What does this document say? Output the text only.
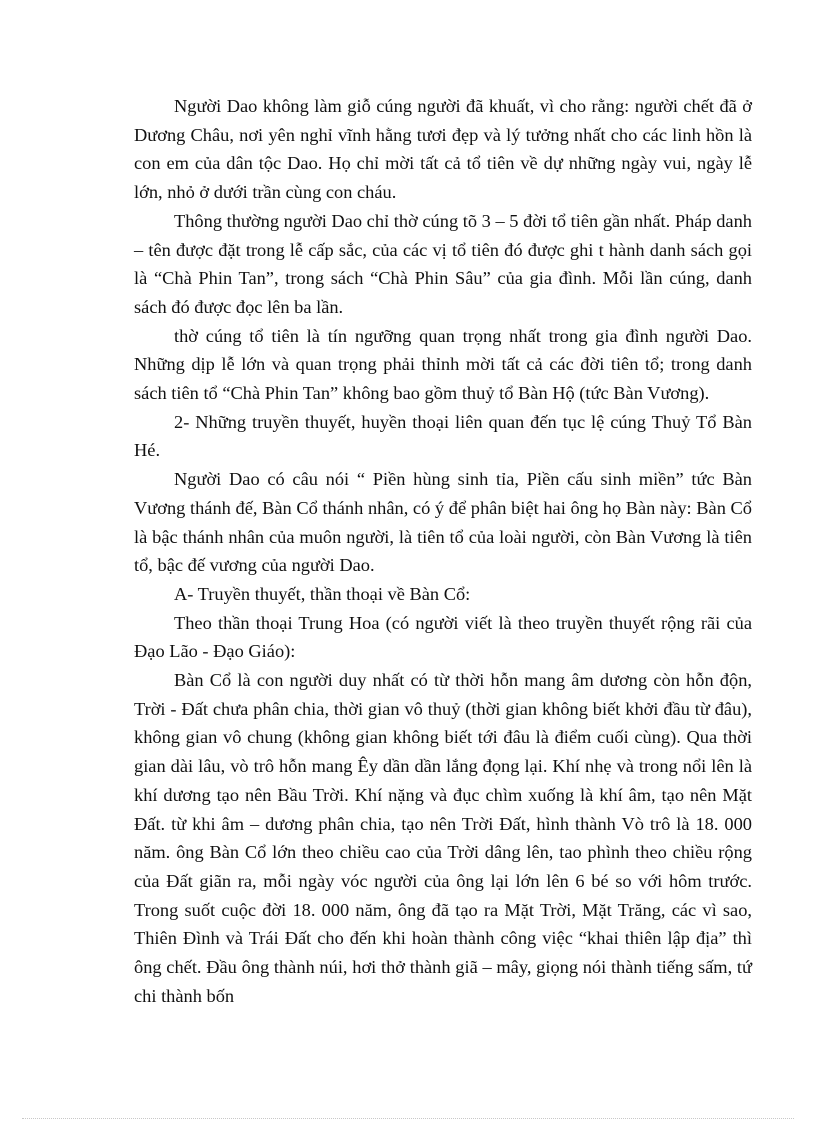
Người Dao không làm giỗ cúng người đã khuất, vì cho rằng: người chết đã ở Dương Châu, nơi yên nghỉ vĩnh hằng tươi đẹp và lý tưởng nhất cho các linh hồn là con em của dân tộc Dao. Họ chỉ mời tất cả tổ tiên về dự những ngày vui, ngày lễ lớn, nhỏ ở dưới trần cùng con cháu.

Thông thường người Dao chỉ thờ cúng tõ 3 – 5 đời tổ tiên gần nhất. Pháp danh – tên được đặt trong lễ cấp sắc, của các vị tổ tiên đó được ghi t hành danh sách gọi là “Chà Phin Tan”, trong sách “Chà Phin Sâu” của gia đình. Mỗi lần cúng, danh sách đó được đọc lên ba lần.

thờ cúng tổ tiên là tín ngưỡng quan trọng nhất trong gia đình người Dao. Những dịp lễ lớn và quan trọng phải thỉnh mời tất cả các đời tiên tổ; trong danh sách tiên tổ “Chà Phin Tan” không bao gồm thuỷ tổ Bàn Hộ (tức Bàn Vương).

2- Những truyền thuyết, huyền thoại liên quan đến tục lệ cúng Thuỷ Tổ Bàn Hé.

Người Dao có câu nói “ Piền hùng sinh tỉa, Piền cấu sinh miền” tức Bàn Vương thánh đế, Bàn Cổ thánh nhân, có ý để phân biệt hai ông họ Bàn này: Bàn Cổ là bậc thánh nhân của muôn người, là tiên tổ của loài người, còn Bàn Vương là tiên tổ, bậc đế vương của người Dao.

A- Truyền thuyết, thần thoại về Bàn Cổ:

Theo thần thoại Trung Hoa (có người viết là theo truyền thuyết rộng rãi của Đạo Lão - Đạo Giáo):

Bàn Cổ là con người duy nhất có từ thời hỗn mang âm dương còn hỗn độn, Trời - Đất chưa phân chia, thời gian vô thuỷ (thời gian không biết khởi đầu từ đâu), không gian vô chung (không gian không biết tới đâu là điểm cuối cùng). Qua thời gian dài lâu, vò trô hỗn mang Êy dần dần lắng đọng lại. Khí nhẹ và trong nổi lên là khí dương tạo nên Bầu Trời. Khí nặng và đục chìm xuống là khí âm, tạo nên Mặt Đất. từ khi âm – dương phân chia, tạo nên Trời Đất, hình thành Vò trô là 18. 000 năm. ông Bàn Cổ lớn theo chiều cao của Trời dâng lên, tao phình theo chiều rộng của Đất giãn ra, mỗi ngày vóc người của ông lại lớn lên 6 bé so với hôm trước. Trong suốt cuộc đời 18. 000 năm, ông đã tạo ra Mặt Trời, Mặt Trăng, các vì sao, Thiên Đình và Trái Đất cho đến khi hoàn thành công việc “khai thiên lập địa” thì ông chết. Đầu ông thành núi, hơi thở thành giã – mây, giọng nói thành tiếng sấm, tứ chi thành bốn
